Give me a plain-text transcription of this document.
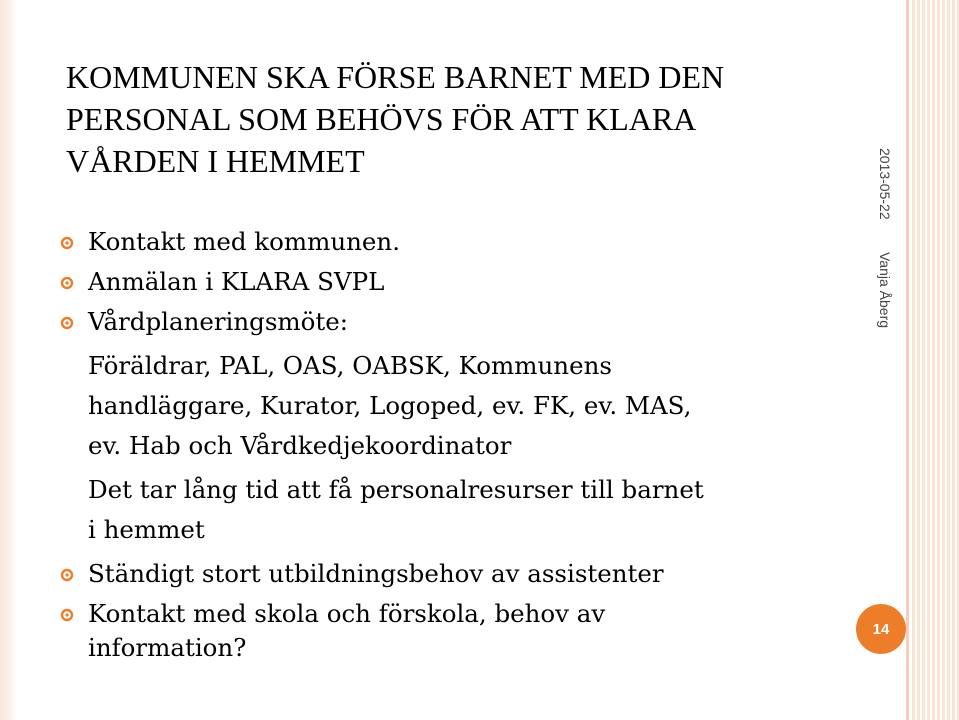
KOMMUNEN SKA FÖRSE BARNET MED DEN
PERSONAL SOM BEHÖVS FÖR ATT KLARA
VÅRDEN I HEMMET
Kontakt med kommunen.
Anmälan i KLARA SVPL
Vårdplaneringsmöte:
Föräldrar, PAL, OAS, OABSK, Kommunens
handläggare, Kurator, Logoped, ev. FK, ev. MAS,
ev. Hab och Vårdkedjekoordinator
Det tar lång tid att få personalresurser till barnet
i hemmet
Ständigt stort utbildningsbehov av assistenter
Kontakt med skola och förskola, behov av
information?
2013-05-22
Vanja Åberg
14
